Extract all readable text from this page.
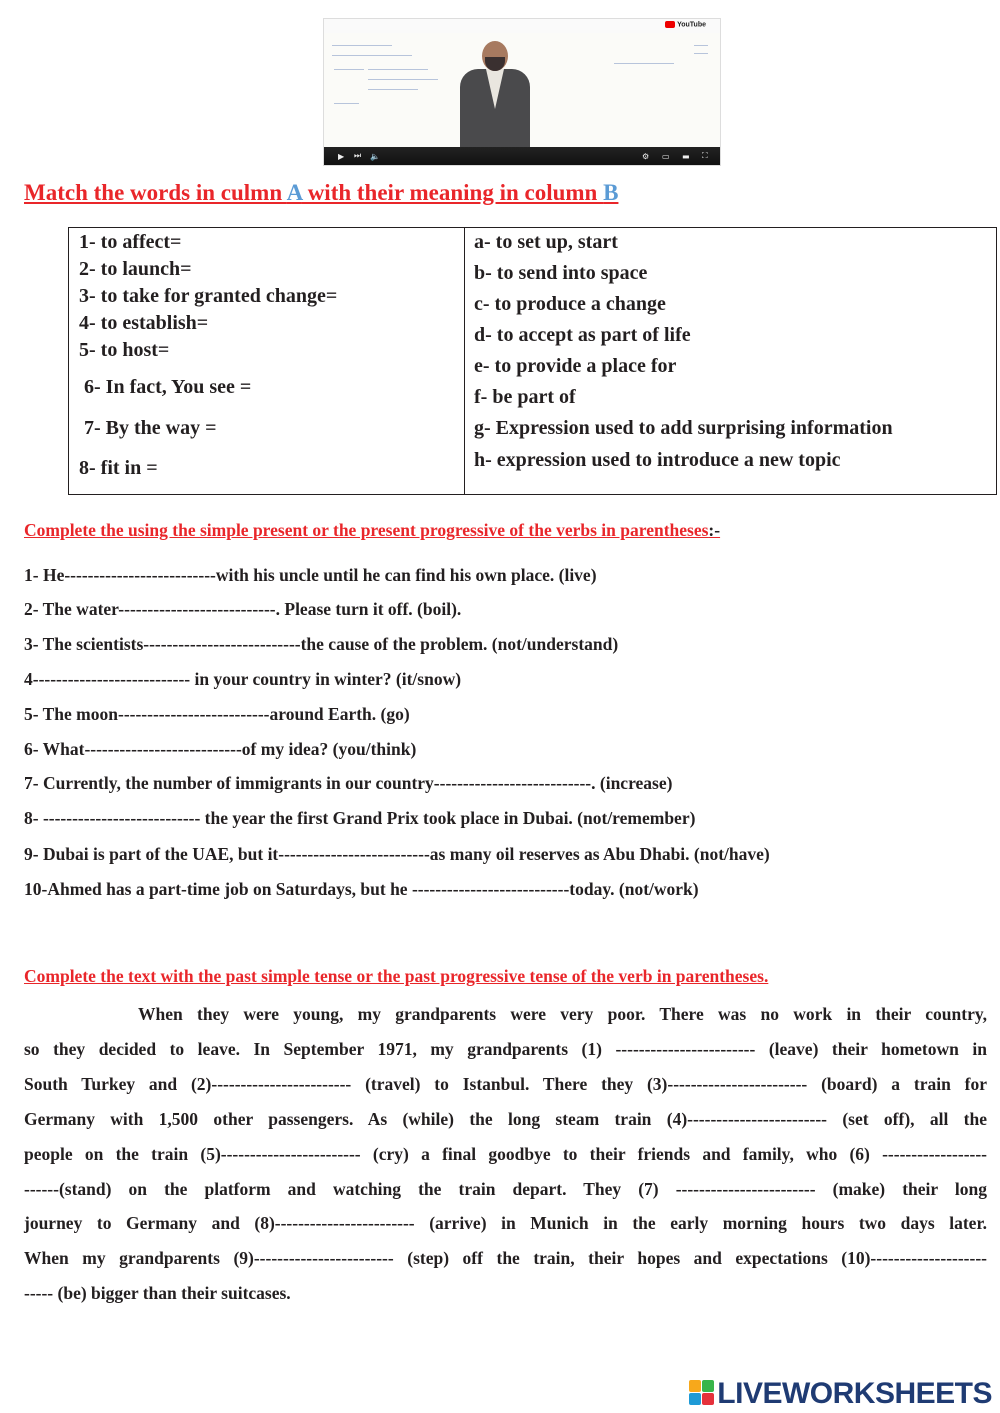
YouTube
▶ ⏭ 🔈	⚙ ▭ ▬ ⛶
Match the words in culmn A with their meaning in column B
1- to affect=
2- to launch=
3- to take for granted change=
4- to establish=
5- to host=
6- In fact, You see =
7- By the way =
8- fit in =
a- to set up, start
b- to send into space
c- to produce a change
d- to accept as part of life
e- to provide a place for
f- be part of
g- Expression used to add surprising information
h- expression used to introduce a new topic
Complete the using the simple present or the present progressive of the verbs in parentheses:-
1- He--------------------------with his uncle until he can find his own place. (live)
2- The water---------------------------. Please turn it off. (boil).
3- The scientists---------------------------the cause of the problem. (not/understand)
4--------------------------- in your country in winter? (it/snow)
5- The moon--------------------------around Earth. (go)
6- What---------------------------of my idea? (you/think)
7- Currently, the number of immigrants in our country---------------------------. (increase)
8- --------------------------- the year the first Grand Prix took place in Dubai. (not/remember)
9- Dubai is part of the UAE, but it--------------------------as many oil reserves as Abu Dhabi. (not/have)
10-Ahmed has a part-time job on Saturdays, but he ---------------------------today. (not/work)
Complete the text with the past simple tense or the past progressive tense of the verb in parentheses.
When they were young, my grandparents were very poor. There was no work in their country,
so they decided to leave. In September 1971, my grandparents (1) ------------------------ (leave) their hometown in
South Turkey and (2)------------------------ (travel) to Istanbul. There they (3)------------------------ (board) a train for
Germany with 1,500 other passengers. As (while) the long steam train (4)------------------------ (set off), all the
people on the train (5)------------------------ (cry) a final goodbye to their friends and family, who (6) ------------------
------(stand) on the platform and watching the train depart. They (7) ------------------------ (make) their long
journey to Germany and (8)------------------------ (arrive) in Munich in the early morning hours two days later.
When my grandparents (9)------------------------ (step) off the train, their hopes and expectations (10)--------------------
----- (be) bigger than their suitcases.
LIVEWORKSHEETS
